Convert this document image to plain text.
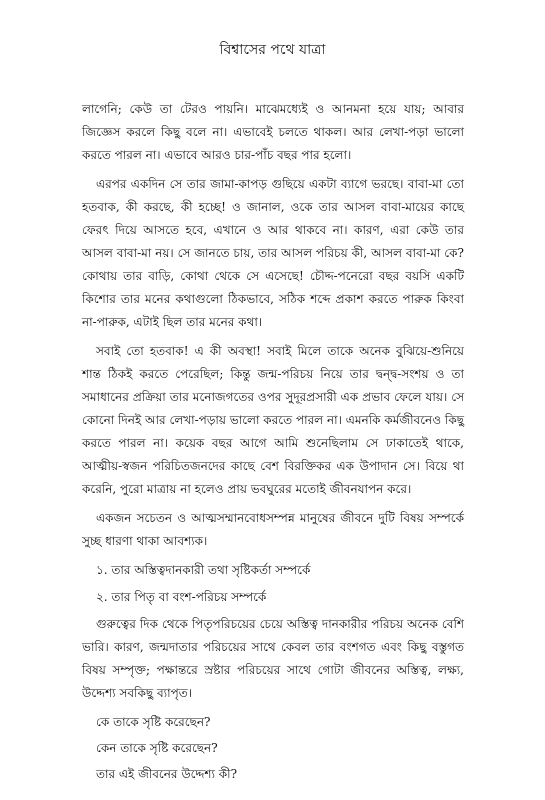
বিশ্বাসের পথে যাত্রা

লাগেনি; কেউ তা টেরও পায়নি। মাঝেমধ্যেই ও আনমনা হয়ে যায়; আবার জিজ্ঞেস করলে কিছু বলে না। এভাবেই চলতে থাকল। আর লেখা-পড়া ভালো করতে পারল না। এভাবে আরও চার-পাঁচ বছর পার হলো।

এরপর একদিন সে তার জামা-কাপড় গুছিয়ে একটা ব্যাগে ভরছে। বাবা-মা তো হতবাক, কী করছে, কী হচ্ছে! ও জানাল, ওকে তার আসল বাবা-মায়ের কাছে ফেরৎ দিয়ে আসতে হবে, এখানে ও আর থাকবে না। কারণ, এরা কেউ তার আসল বাবা-মা নয়। সে জানতে চায়, তার আসল পরিচয় কী, আসল বাবা-মা কে? কোথায় তার বাড়ি, কোথা থেকে সে এসেছে! চৌদ্দ-পনেরো বছর বয়সি একটি কিশোর তার মনের কথাগুলো ঠিকভাবে, সঠিক শব্দে প্রকাশ করতে পারুক কিংবা না-পারুক, এটাই ছিল তার মনের কথা।

সবাই তো হতবাক! এ কী অবস্থা! সবাই মিলে তাকে অনেক বুঝিয়ে-শুনিয়ে শান্ত ঠিকই করতে পেরেছিল; কিন্তু জন্ম-পরিচয় নিয়ে তার দ্বন্দ্ব-সংশয় ও তা সমাধানের প্রক্রিয়া তার মনোজগতের ওপর সুদূরপ্রসারী এক প্রভাব ফেলে যায়। সে কোনো দিনই আর লেখা-পড়ায় ভালো করতে পারল না। এমনকি কর্মজীবনেও কিছু করতে পারল না। কয়েক বছর আগে আমি শুনেছিলাম সে ঢাকাতেই থাকে, আত্মীয়-স্বজন পরিচিতজনদের কাছে বেশ বিরক্তিকর এক উপাদান সে। বিয়ে থা করেনি, পুরো মাত্রায় না হলেও প্রায় ভবঘুরের মতোই জীবনযাপন করে।

একজন সচেতন ও আত্মসম্মানবোধসম্পন্ন মানুষের জীবনে দুটি বিষয় সম্পর্কে সুচ্ছ ধারণা থাকা আবশ্যক।

১. তার অস্তিত্বদানকারী তথা সৃষ্টিকর্তা সম্পর্কে
২. তার পিতৃ বা বংশ-পরিচয় সম্পর্কে

গুরুত্বের দিক থেকে পিতৃপরিচয়ের চেয়ে অস্তিত্ব দানকারীর পরিচয় অনেক বেশি ভারি। কারণ, জন্মদাতার পরিচয়ের সাথে কেবল তার বংশগত এবং কিছু বস্তুগত বিষয় সম্পৃক্ত; পক্ষান্তরে স্রষ্টার পরিচয়ের সাথে গোটা জীবনের অস্তিত্ব, লক্ষ্য, উদ্দেশ্য সবকিছু ব্যাপৃত।

কে তাকে সৃষ্টি করেছেন?
কেন তাকে সৃষ্টি করেছেন?
তার এই জীবনের উদ্দেশ্য কী?
